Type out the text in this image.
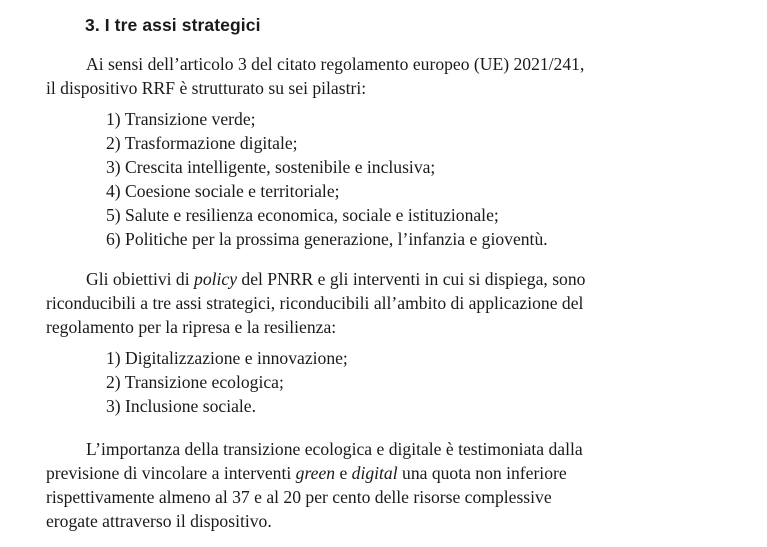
3. I tre assi strategici
Ai sensi dell’articolo 3 del citato regolamento europeo (UE) 2021/241,
il dispositivo RRF è strutturato su sei pilastri:
1) Transizione verde;
2) Trasformazione digitale;
3) Crescita intelligente, sostenibile e inclusiva;
4) Coesione sociale e territoriale;
5) Salute e resilienza economica, sociale e istituzionale;
6) Politiche per la prossima generazione, l’infanzia e gioventù.
Gli obiettivi di policy del PNRR e gli interventi in cui si dispiega, sono
riconducibili a tre assi strategici, riconducibili all’ambito di applicazione del
regolamento per la ripresa e la resilienza:
1) Digitalizzazione e innovazione;
2) Transizione ecologica;
3) Inclusione sociale.
L’importanza della transizione ecologica e digitale è testimoniata dalla
previsione di vincolare a interventi green e digital una quota non inferiore
rispettivamente almeno al 37 e al 20 per cento delle risorse complessive
erogate attraverso il dispositivo.
